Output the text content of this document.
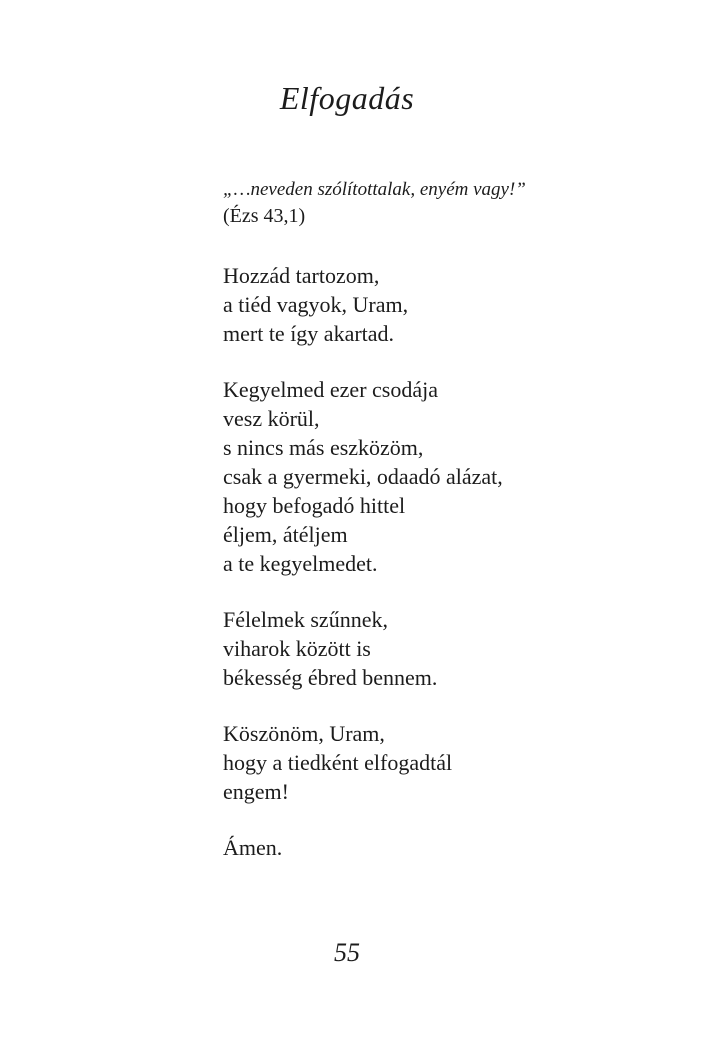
Elfogadás
„…neveden szólítottalak, enyém vagy!”
(Ézs 43,1)
Hozzád tartozom,
a tiéd vagyok, Uram,
mert te így akartad.
Kegyelmed ezer csodája
vesz körül,
s nincs más eszközöm,
csak a gyermeki, odaadó alázat,
hogy befogadó hittel
éljem, átéljem
a te kegyelmedet.
Félelmek szűnnek,
viharok között is
békesség ébred bennem.
Köszönöm, Uram,
hogy a tiedként elfogadtál
engem!
Ámen.
55
